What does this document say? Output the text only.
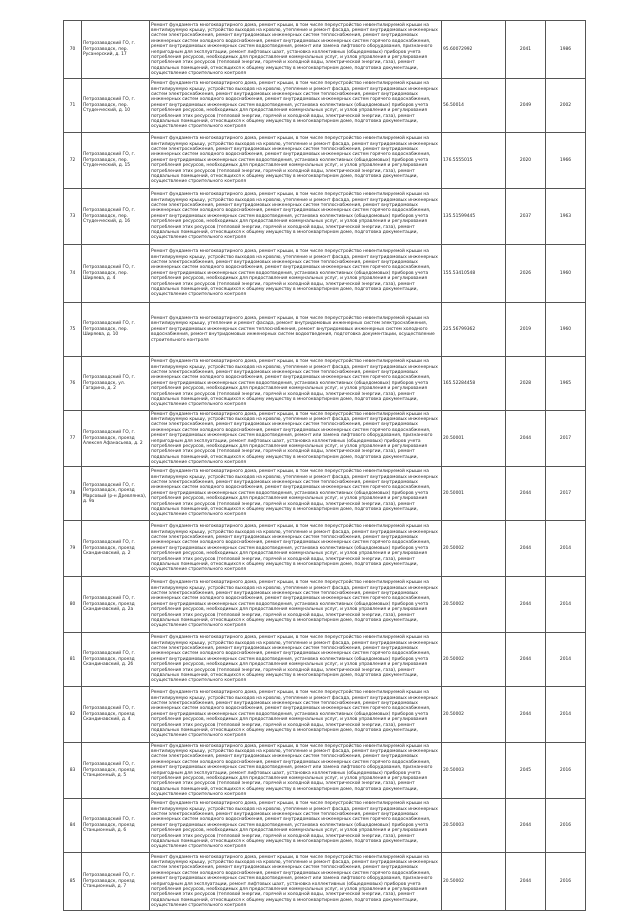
70	Петрозаводский ГО, г. Петрозаводск, пер. Русанерский, д. 17	Ремонт фундамента многоквартирного дома, ремонт крыши, в том числе переустройство невентилируемой крыши на вентилируемую крышу, устройство выходов на кровлю, утепление и ремонт фасада, ремонт внутридомовых инженерных систем электроснабжения, ремонт внутридомовых инженерных систем теплоснабжения, ремонт внутридомовых инженерных систем холодного водоснабжения, ремонт внутридомовых инженерных систем горячего водоснабжения, ремонт внутридомовых инженерных систем водоотведения, ремонт или замена лифтового оборудования, признанного непригодным для эксплуатации, ремонт лифтовых шахт, установка коллективных (общедомовых) приборов учета потребления ресурсов, необходимых для предоставления коммунальных услуг, и узлов управления и регулирования потребления этих ресурсов (тепловой энергии, горячей и холодной воды, электрической энергии, газа), ремонт подвальных помещений, относящихся к общему имуществу в многоквартирном доме, подготовка документации, осуществление строительного контроля	95.60072992	2041	1986
71	Петрозаводский ГО, г. Петрозаводск, пер. Студенческий, д. 10	Ремонт фундамента многоквартирного дома, ремонт крыши, в том числе переустройство невентилируемой крыши на вентилируемую крышу, устройство выходов на кровлю, утепление и ремонт фасада, ремонт внутридомовых инженерных систем электроснабжения, ремонт внутридомовых инженерных систем теплоснабжения, ремонт внутридомовых инженерных систем холодного водоснабжения, ремонт внутридомовых инженерных систем горячего водоснабжения, ремонт внутридомовых инженерных систем водоотведения, установка коллективных (общедомовых) приборов учета потребления ресурсов, необходимых для предоставления коммунальных услуг, и узлов управления и регулирования потребления этих ресурсов (тепловой энергии, горячей и холодной воды, электрической энергии, газа), ремонт подвальных помещений, относящихся к общему имуществу в многоквартирном доме, подготовка документации, осуществление строительного контроля	56.50014	2049	2002
72	Петрозаводский ГО, г. Петрозаводск, пер. Студенческий, д. 15	Ремонт фундамента многоквартирного дома, ремонт крыши, в том числе переустройство невентилируемой крыши на вентилируемую крышу, устройство выходов на кровлю, утепление и ремонт фасада, ремонт внутридомовых инженерных систем электроснабжения, ремонт внутридомовых инженерных систем теплоснабжения, ремонт внутридомовых инженерных систем холодного водоснабжения, ремонт внутридомовых инженерных систем горячего водоснабжения, ремонт внутридомовых инженерных систем водоотведения, установка коллективных (общедомовых) приборов учета потребления ресурсов, необходимых для предоставления коммунальных услуг, и узлов управления и регулирования потребления этих ресурсов (тепловой энергии, горячей и холодной воды, электрической энергии, газа), ремонт подвальных помещений, относящихся к общему имуществу в многоквартирном доме, подготовка документации, осуществление строительного контроля	176.5555015	2020	1966
73	Петрозаводский ГО, г. Петрозаводск, пер. Студенческий, д. 16	Ремонт фундамента многоквартирного дома, ремонт крыши, в том числе переустройство невентилируемой крыши на вентилируемую крышу, устройство выходов на кровлю, утепление и ремонт фасада, ремонт внутридомовых инженерных систем электроснабжения, ремонт внутридомовых инженерных систем теплоснабжения, ремонт внутридомовых инженерных систем холодного водоснабжения, ремонт внутридомовых инженерных систем горячего водоснабжения, ремонт внутридомовых инженерных систем водоотведения, установка коллективных (общедомовых) приборов учета потребления ресурсов, необходимых для предоставления коммунальных услуг, и узлов управления и регулирования потребления этих ресурсов (тепловой энергии, горячей и холодной воды, электрической энергии, газа), ремонт подвальных помещений, относящихся к общему имуществу в многоквартирном доме, подготовка документации, осуществление строительного контроля	135.51599445	2037	1963
74	Петрозаводский ГО, г. Петрозаводск, пер. Ширяева, д. 4	Ремонт фундамента многоквартирного дома, ремонт крыши, в том числе переустройство невентилируемой крыши на вентилируемую крышу, устройство выходов на кровлю, утепление и ремонт фасада, ремонт внутридомовых инженерных систем электроснабжения, ремонт внутридомовых инженерных систем теплоснабжения, ремонт внутридомовых инженерных систем холодного водоснабжения, ремонт внутридомовых инженерных систем горячего водоснабжения, ремонт внутридомовых инженерных систем водоотведения, установка коллективных (общедомовых) приборов учета потребления ресурсов, необходимых для предоставления коммунальных услуг, и узлов управления и регулирования потребления этих ресурсов (тепловой энергии, горячей и холодной воды, электрической энергии, газа), ремонт подвальных помещений, относящихся к общему имуществу в многоквартирном доме, подготовка документации, осуществление строительного контроля	155.53410548	2026	1960
75	Петрозаводский ГО, г. Петрозаводск, пер. Ширяева, д. 10	Ремонт фундамента многоквартирного дома, ремонт крыши, в том числе переустройство невентилируемой крыши на вентилируемую крышу, утепление и ремонт фасада, ремонт внутридомовых инженерных систем электроснабжения, ремонт внутридомовых инженерных систем теплоснабжения, ремонт внутридомовых инженерных систем холодного водоснабжения, ремонт внутридомовых инженерных систем водоотведения, подготовка документации, осуществление строительного контроля	225.56799362	2019	1960
76	Петрозаводский ГО, г. Петрозаводск, ул. Гагарина, д. 2	Ремонт фундамента многоквартирного дома, ремонт крыши, в том числе переустройство невентилируемой крыши на вентилируемую крышу, устройство выходов на кровлю, утепление и ремонт фасада, ремонт внутридомовых инженерных систем электроснабжения, ремонт внутридомовых инженерных систем теплоснабжения, ремонт внутридомовых инженерных систем холодного водоснабжения, ремонт внутридомовых инженерных систем горячего водоснабжения, ремонт внутридомовых инженерных систем водоотведения, установка коллективных (общедомовых) приборов учета потребления ресурсов, необходимых для предоставления коммунальных услуг, и узлов управления и регулирования потребления этих ресурсов (тепловой энергии, горячей и холодной воды, электрической энергии, газа), ремонт подвальных помещений, относящихся к общему имуществу в многоквартирном доме, подготовка документации, осуществление строительного контроля	165.52284458	2028	1965
77	Петрозаводский ГО, г. Петрозаводск, проезд Алексея Афанасьева, д. 2	Ремонт фундамента многоквартирного дома, ремонт крыши, в том числе переустройство невентилируемой крыши на вентилируемую крышу, устройство выходов на кровлю, утепление и ремонт фасада, ремонт внутридомовых инженерных систем электроснабжения, ремонт внутридомовых инженерных систем теплоснабжения, ремонт внутридомовых инженерных систем холодного водоснабжения, ремонт внутридомовых инженерных систем горячего водоснабжения, ремонт внутридомовых инженерных систем водоотведения, ремонт или замена лифтового оборудования, признанного непригодным для эксплуатации, ремонт лифтовых шахт, установка коллективных (общедомовых) приборов учета потребления ресурсов, необходимых для предоставления коммунальных услуг, и узлов управления и регулирования потребления этих ресурсов (тепловой энергии, горячей и холодной воды, электрической энергии, газа), ремонт подвальных помещений, относящихся к общему имуществу в многоквартирном доме, подготовка документации, осуществление строительного контроля	20.50001	2044	2017
78	Петрозаводский ГО, г. Петрозаводск, проезд Марсовый (р-н Древлянка), д. 9а	Ремонт фундамента многоквартирного дома, ремонт крыши, в том числе переустройство невентилируемой крыши на вентилируемую крышу, устройство выходов на кровлю, утепление и ремонт фасада, ремонт внутридомовых инженерных систем электроснабжения, ремонт внутридомовых инженерных систем теплоснабжения, ремонт внутридомовых инженерных систем холодного водоснабжения, ремонт внутридомовых инженерных систем горячего водоснабжения, ремонт внутридомовых инженерных систем водоотведения, установка коллективных (общедомовых) приборов учета потребления ресурсов, необходимых для предоставления коммунальных услуг, и узлов управления и регулирования потребления этих ресурсов (тепловой энергии, горячей и холодной воды, электрической энергии, газа), ремонт подвальных помещений, относящихся к общему имуществу в многоквартирном доме, подготовка документации, осуществление строительного контроля	20.50001	2044	2017
79	Петрозаводский ГО, г. Петрозаводск, проезд Скандинавский, д. 2	Ремонт фундамента многоквартирного дома, ремонт крыши, в том числе переустройство невентилируемой крыши на вентилируемую крышу, устройство выходов на кровлю, утепление и ремонт фасада, ремонт внутридомовых инженерных систем электроснабжения, ремонт внутридомовых инженерных систем теплоснабжения, ремонт внутридомовых инженерных систем холодного водоснабжения, ремонт внутридомовых инженерных систем горячего водоснабжения, ремонт внутридомовых инженерных систем водоотведения, установка коллективных (общедомовых) приборов учета потребления ресурсов, необходимых для предоставления коммунальных услуг, и узлов управления и регулирования потребления этих ресурсов (тепловой энергии, горячей и холодной воды, электрической энергии, газа), ремонт подвальных помещений, относящихся к общему имуществу в многоквартирном доме, подготовка документации, осуществление строительного контроля	20.50002	2044	2014
80	Петрозаводский ГО, г. Петрозаводск, проезд Скандинавский, д. 2а	Ремонт фундамента многоквартирного дома, ремонт крыши, в том числе переустройство невентилируемой крыши на вентилируемую крышу, устройство выходов на кровлю, утепление и ремонт фасада, ремонт внутридомовых инженерных систем электроснабжения, ремонт внутридомовых инженерных систем теплоснабжения, ремонт внутридомовых инженерных систем холодного водоснабжения, ремонт внутридомовых инженерных систем горячего водоснабжения, ремонт внутридомовых инженерных систем водоотведения, установка коллективных (общедомовых) приборов учета потребления ресурсов, необходимых для предоставления коммунальных услуг, и узлов управления и регулирования потребления этих ресурсов (тепловой энергии, горячей и холодной воды, электрической энергии, газа), ремонт подвальных помещений, относящихся к общему имуществу в многоквартирном доме, подготовка документации, осуществление строительного контроля	20.50002	2044	2014
81	Петрозаводский ГО, г. Петрозаводск, проезд Скандинавский, д. 2б	Ремонт фундамента многоквартирного дома, ремонт крыши, в том числе переустройство невентилируемой крыши на вентилируемую крышу, устройство выходов на кровлю, утепление и ремонт фасада, ремонт внутридомовых инженерных систем электроснабжения, ремонт внутридомовых инженерных систем теплоснабжения, ремонт внутридомовых инженерных систем холодного водоснабжения, ремонт внутридомовых инженерных систем горячего водоснабжения, ремонт внутридомовых инженерных систем водоотведения, установка коллективных (общедомовых) приборов учета потребления ресурсов, необходимых для предоставления коммунальных услуг, и узлов управления и регулирования потребления этих ресурсов (тепловой энергии, горячей и холодной воды, электрической энергии, газа), ремонт подвальных помещений, относящихся к общему имуществу в многоквартирном доме, подготовка документации, осуществление строительного контроля	20.50002	2044	2014
82	Петрозаводский ГО, г. Петрозаводск, проезд Скандинавский, д. 4	Ремонт фундамента многоквартирного дома, ремонт крыши, в том числе переустройство невентилируемой крыши на вентилируемую крышу, устройство выходов на кровлю, утепление и ремонт фасада, ремонт внутридомовых инженерных систем электроснабжения, ремонт внутридомовых инженерных систем теплоснабжения, ремонт внутридомовых инженерных систем холодного водоснабжения, ремонт внутридомовых инженерных систем горячего водоснабжения, ремонт внутридомовых инженерных систем водоотведения, установка коллективных (общедомовых) приборов учета потребления ресурсов, необходимых для предоставления коммунальных услуг, и узлов управления и регулирования потребления этих ресурсов (тепловой энергии, горячей и холодной воды, электрической энергии, газа), ремонт подвальных помещений, относящихся к общему имуществу в многоквартирном доме, подготовка документации, осуществление строительного контроля	20.50002	2044	2014
83	Петрозаводский ГО, г. Петрозаводск, проезд Станционный, д. 5	Ремонт фундамента многоквартирного дома, ремонт крыши, в том числе переустройство невентилируемой крыши на вентилируемую крышу, устройство выходов на кровлю, утепление и ремонт фасада, ремонт внутридомовых инженерных систем электроснабжения, ремонт внутридомовых инженерных систем теплоснабжения, ремонт внутридомовых инженерных систем холодного водоснабжения, ремонт внутридомовых инженерных систем горячего водоснабжения, ремонт внутридомовых инженерных систем водоотведения, ремонт или замена лифтового оборудования, признанного непригодным для эксплуатации, ремонт лифтовых шахт, установка коллективных (общедомовых) приборов учета потребления ресурсов, необходимых для предоставления коммунальных услуг, и узлов управления и регулирования потребления этих ресурсов (тепловой энергии, горячей и холодной воды, электрической энергии, газа), ремонт подвальных помещений, относящихся к общему имуществу в многоквартирном доме, подготовка документации, осуществление строительного контроля	20.50003	2045	2016
84	Петрозаводский ГО, г. Петрозаводск, проезд Станционный, д. 6	Ремонт фундамента многоквартирного дома, ремонт крыши, в том числе переустройство невентилируемой крыши на вентилируемую крышу, устройство выходов на кровлю, утепление и ремонт фасада, ремонт внутридомовых инженерных систем электроснабжения, ремонт внутридомовых инженерных систем теплоснабжения, ремонт внутридомовых инженерных систем холодного водоснабжения, ремонт внутридомовых инженерных систем горячего водоснабжения, ремонт внутридомовых инженерных систем водоотведения, установка коллективных (общедомовых) приборов учета потребления ресурсов, необходимых для предоставления коммунальных услуг, и узлов управления и регулирования потребления этих ресурсов (тепловой энергии, горячей и холодной воды, электрической энергии, газа), ремонт подвальных помещений, относящихся к общему имуществу в многоквартирном доме, подготовка документации, осуществление строительного контроля	20.50003	2044	2016
85	Петрозаводский ГО, г. Петрозаводск, проезд Станционный, д. 7	Ремонт фундамента многоквартирного дома, ремонт крыши, в том числе переустройство невентилируемой крыши на вентилируемую крышу, устройство выходов на кровлю, утепление и ремонт фасада, ремонт внутридомовых инженерных систем электроснабжения, ремонт внутридомовых инженерных систем теплоснабжения, ремонт внутридомовых инженерных систем холодного водоснабжения, ремонт внутридомовых инженерных систем горячего водоснабжения, ремонт внутридомовых инженерных систем водоотведения, ремонт или замена лифтового оборудования, признанного непригодным для эксплуатации, ремонт лифтовых шахт, установка коллективных (общедомовых) приборов учета потребления ресурсов, необходимых для предоставления коммунальных услуг, и узлов управления и регулирования потребления этих ресурсов (тепловой энергии, горячей и холодной воды, электрической энергии, газа), ремонт подвальных помещений, относящихся к общему имуществу в многоквартирном доме, подготовка документации, осуществление строительного контроля	20.50002	2044	2016
